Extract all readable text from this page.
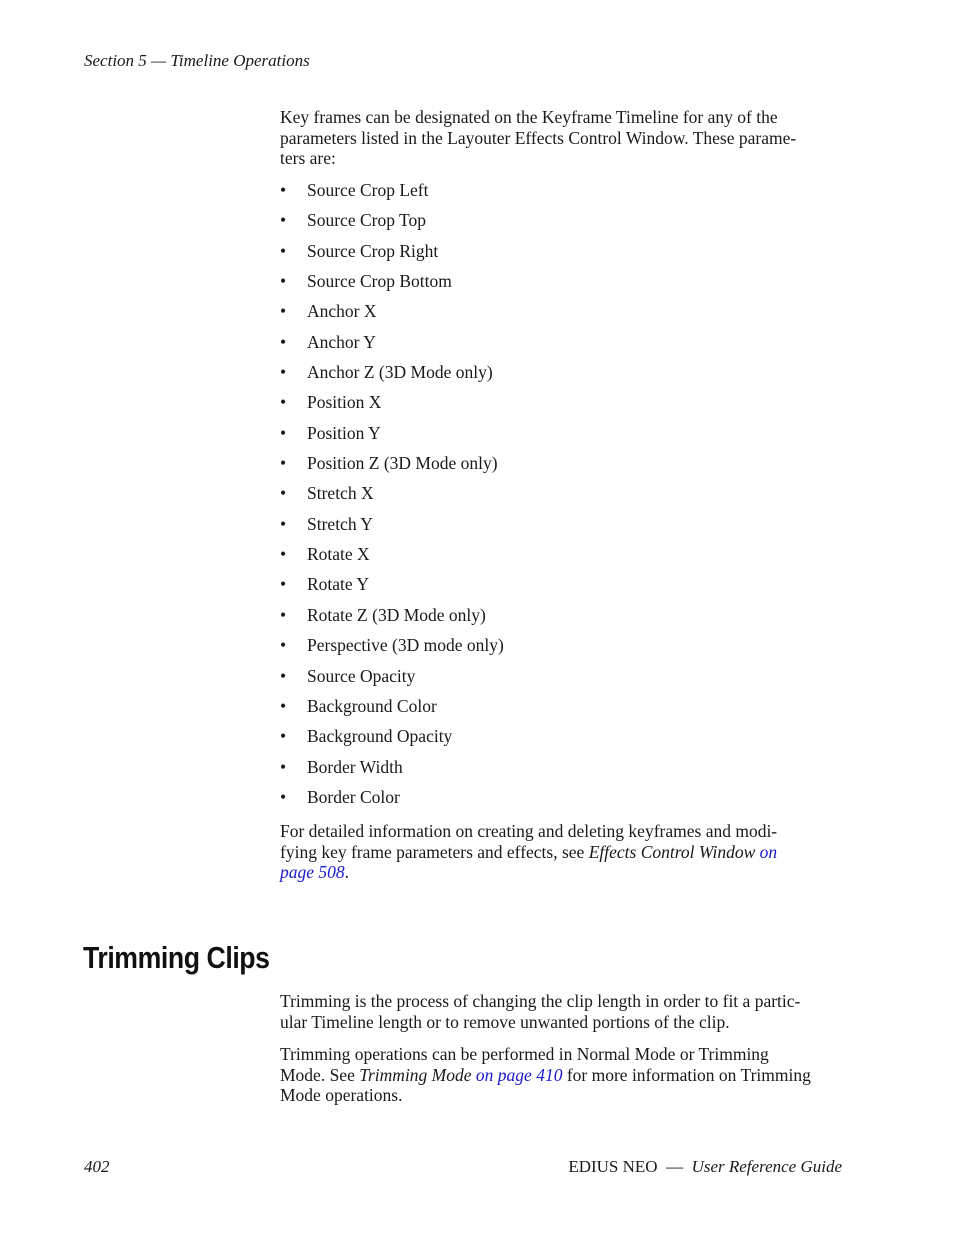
Section 5 — Timeline Operations

Key frames can be designated on the Keyframe Timeline for any of the
parameters listed in the Layouter Effects Control Window. These parame-
ters are:

• Source Crop Left
• Source Crop Top
• Source Crop Right
• Source Crop Bottom
• Anchor X
• Anchor Y
• Anchor Z (3D Mode only)
• Position X
• Position Y
• Position Z (3D Mode only)
• Stretch X
• Stretch Y
• Rotate X
• Rotate Y
• Rotate Z (3D Mode only)
• Perspective (3D mode only)
• Source Opacity
• Background Color
• Background Opacity
• Border Width
• Border Color

For detailed information on creating and deleting keyframes and modi-
fying key frame parameters and effects, see Effects Control Window on
page 508.

Trimming Clips

Trimming is the process of changing the clip length in order to fit a partic-
ular Timeline length or to remove unwanted portions of the clip.

Trimming operations can be performed in Normal Mode or Trimming
Mode. See Trimming Mode on page 410 for more information on Trimming
Mode operations.

402	EDIUS NEO — User Reference Guide
